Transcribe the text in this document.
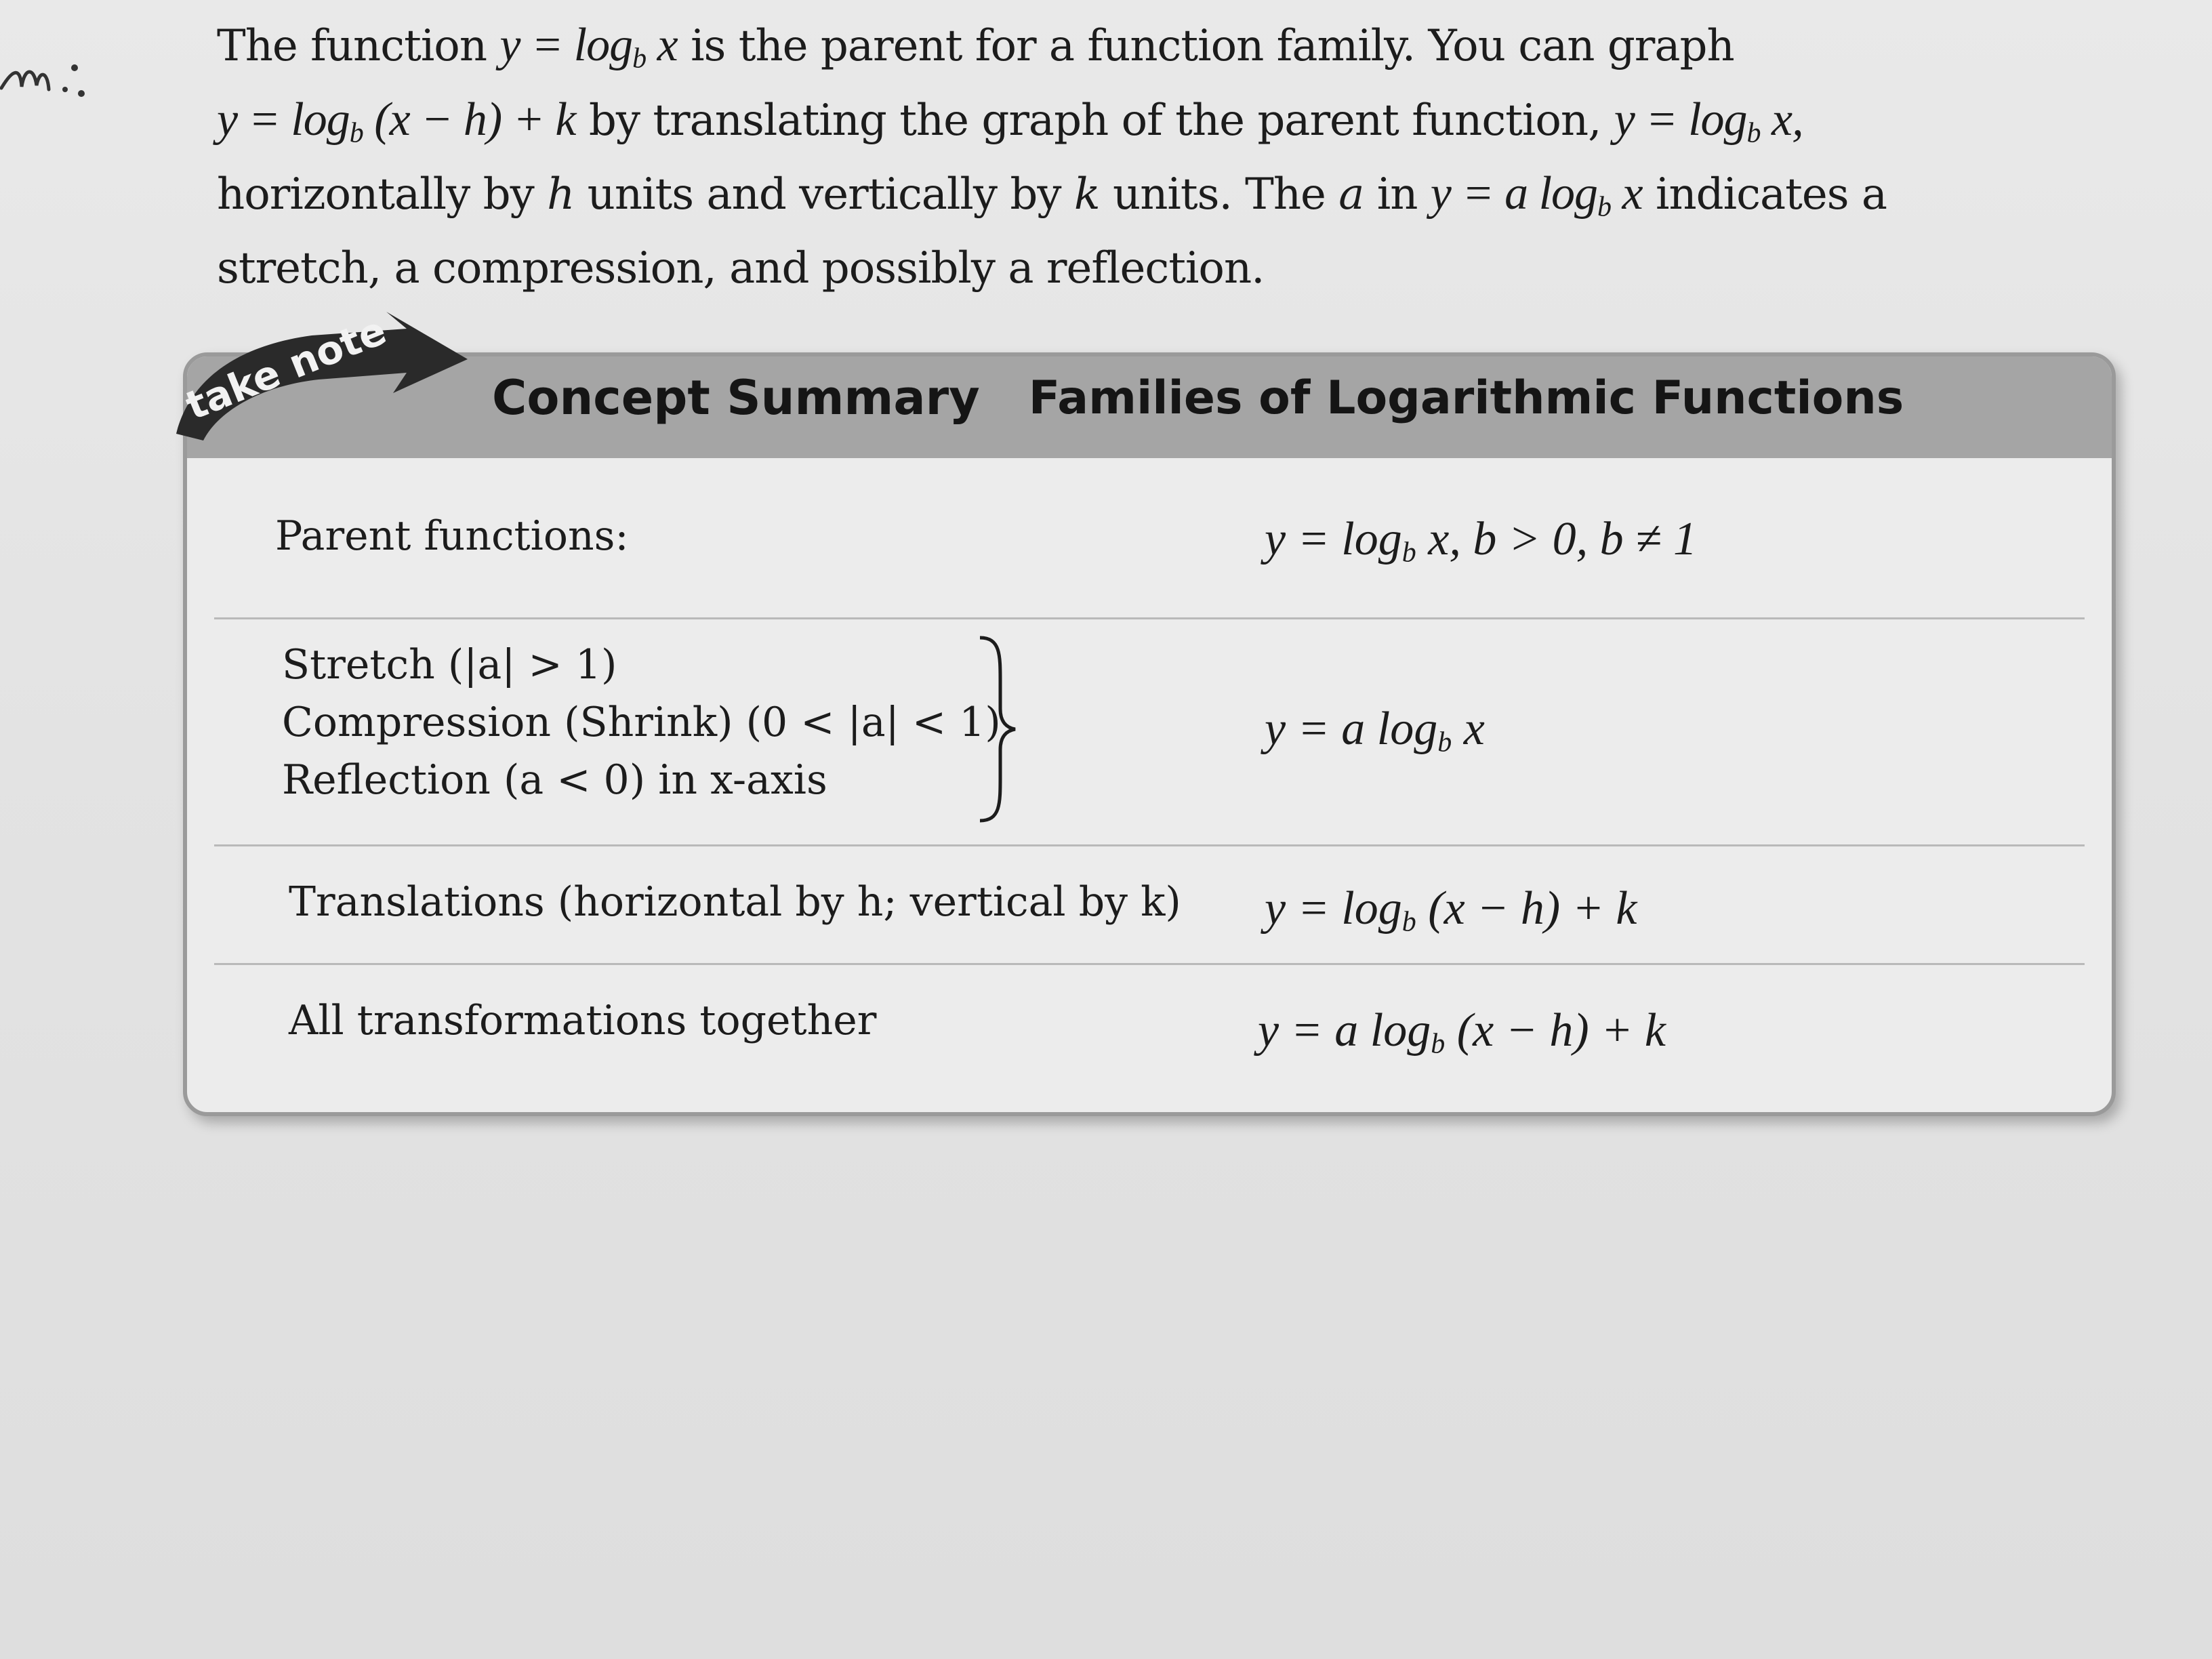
The function $y = \log_b x$ is the parent for a function family. You can graph

$y = \log_b (x - h) + k$ by translating the graph of the parent function, $y = \log_b x$,

horizontally by h units and vertically by k units. The a in y = a $\log_b x$ indicates a

stretch, a compression, and possibly a reflection.

Concept Summary Families of Logarithmic Functions
Parent functions:	$y = \log_b x$, b > 0, b ≠ 1
Stretch (|a| > 1)
Compression (Shrink) (0 < |a| < 1)
Reflection (a < 0) in x-axis
y = a $\log_b x$
Translations (horizontal by h; vertical by k) $y = \log_b (x - h) + k$
All transformations together	y = a $\log_b (x - h) + k$
take note
